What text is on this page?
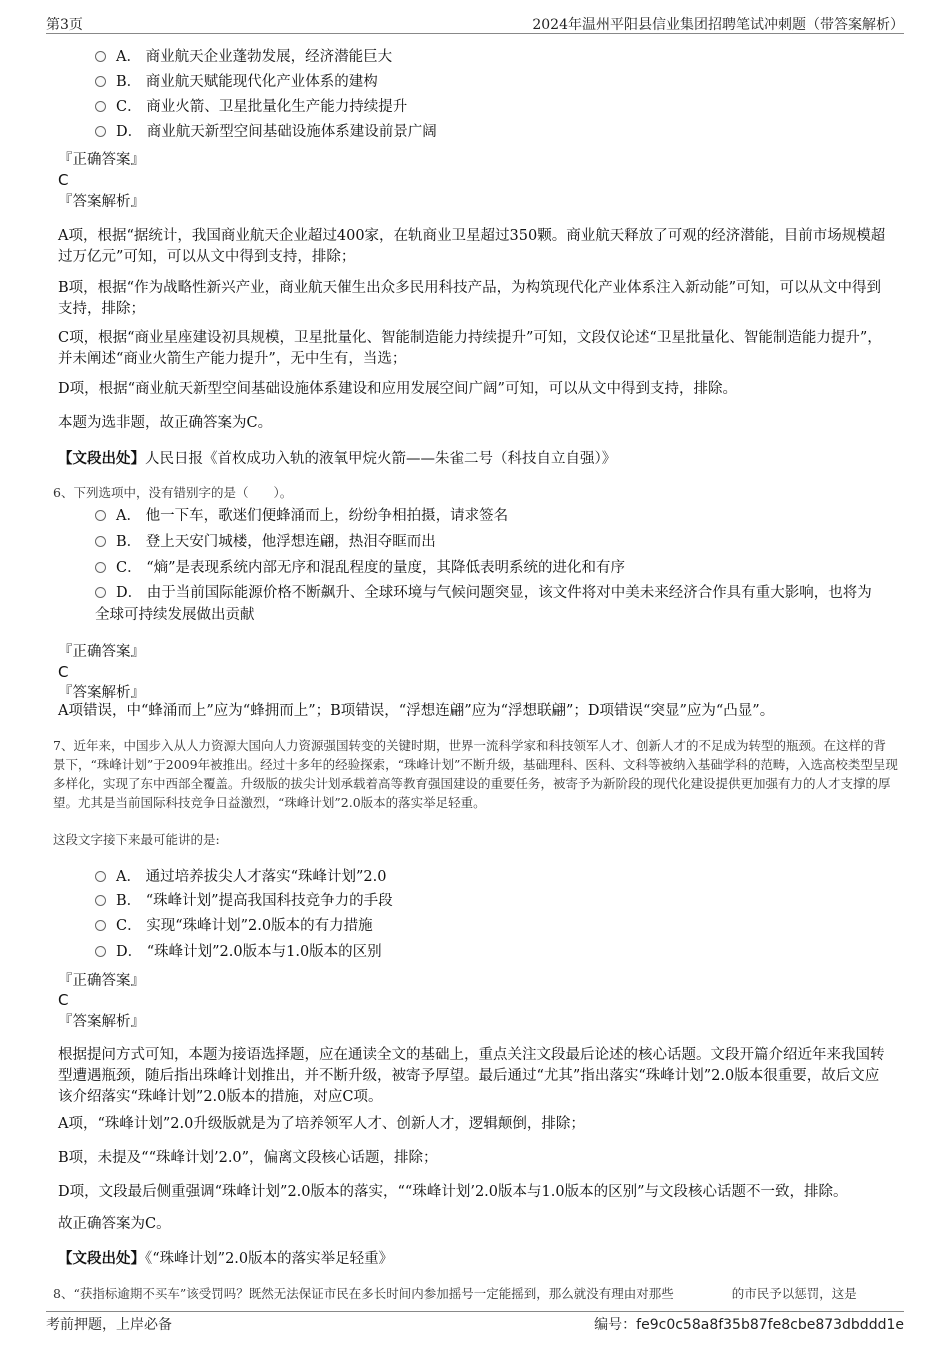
第3页	2024年温州平阳县信业集团招聘笔试冲刺题（带答案解析）
A． 商业航天企业蓬勃发展，经济潜能巨大
B． 商业航天赋能现代化产业体系的建构
C． 商业火箭、卫星批量化生产能力持续提升
D． 商业航天新型空间基础设施体系建设前景广阔
『正确答案』
C
『答案解析』
A项，根据“据统计，我国商业航天企业超过400家，在轨商业卫星超过350颗。商业航天释放了可观的经济潜能，目前市场规模超过万亿元”可知，可以从文中得到支持，排除；
B项，根据“作为战略性新兴产业，商业航天催生出众多民用科技产品，为构筑现代化产业体系注入新动能”可知，可以从文中得到支持，排除；
C项，根据“商业星座建设初具规模，卫星批量化、智能制造能力持续提升”可知，文段仅论述“卫星批量化、智能制造能力提升”，并未阐述“商业火箭生产能力提升”，无中生有，当选；
D项，根据“商业航天新型空间基础设施体系建设和应用发展空间广阔”可知，可以从文中得到支持，排除。
本题为选非题，故正确答案为C。
【文段出处】人民日报《首枚成功入轨的液氧甲烷火箭——朱雀二号（科技自立自强）》
6、下列选项中，没有错别字的是（　　）。
A． 他一下车，歌迷们便蜂涌而上，纷纷争相拍摄，请求签名
B． 登上天安门城楼，他浮想连翩，热泪夺眶而出
C． “熵”是表现系统内部无序和混乱程度的量度，其降低表明系统的进化和有序
D． 由于当前国际能源价格不断飙升、全球环境与气候问题突显，该文件将对中美未来经济合作具有重大影响，也将为全球可持续发展做出贡献
『正确答案』
C
『答案解析』
A项错误，中“蜂涌而上”应为“蜂拥而上”；B项错误，“浮想连翩”应为“浮想联翩”；D项错误“突显”应为“凸显”。
7、近年来，中国步入从人力资源大国向人力资源强国转变的关键时期，世界一流科学家和科技领军人才、创新人才的不足成为转型的瓶颈。在这样的背景下，“珠峰计划”于2009年被推出。经过十多年的经验探索，“珠峰计划”不断升级，基础理科、医科、文科等被纳入基础学科的范畴，入选高校类型呈现多样化，实现了东中西部全覆盖。升级版的拔尖计划承载着高等教育强国建设的重要任务，被寄予为新阶段的现代化建设提供更加强有力的人才支撑的厚望。尤其是当前国际科技竞争日益激烈，“珠峰计划”2.0版本的落实举足轻重。
这段文字接下来最可能讲的是:
A． 通过培养拔尖人才落实“珠峰计划”2.0
B． “珠峰计划”提高我国科技竞争力的手段
C． 实现“珠峰计划”2.0版本的有力措施
D． “珠峰计划”2.0版本与1.0版本的区别
『正确答案』
C
『答案解析』
根据提问方式可知，本题为接语选择题，应在通读全文的基础上，重点关注文段最后论述的核心话题。文段开篇介绍近年来我国转型遭遇瓶颈，随后指出珠峰计划推出，并不断升级，被寄予厚望。最后通过“尤其”指出落实“珠峰计划”2.0版本很重要，故后文应该介绍落实“珠峰计划”2.0版本的措施，对应C项。
A项，“珠峰计划”2.0升级版就是为了培养领军人才、创新人才，逻辑颠倒，排除；
B项，未提及““珠峰计划’2.0”，偏离文段核心话题，排除；
D项，文段最后侧重强调“珠峰计划”2.0版本的落实，““珠峰计划’2.0版本与1.0版本的区别”与文段核心话题不一致，排除。
故正确答案为C。
【文段出处】《“珠峰计划”2.0版本的落实举足轻重》
8、“获指标逾期不买车”该受罚吗？既然无法保证市民在多长时间内参加摇号一定能摇到，那么就没有理由对那些	的市民予以惩罚，这是
考前押题，上岸必备	编号：fe9c0c58a8f35b87fe8cbe873dbddd1e
